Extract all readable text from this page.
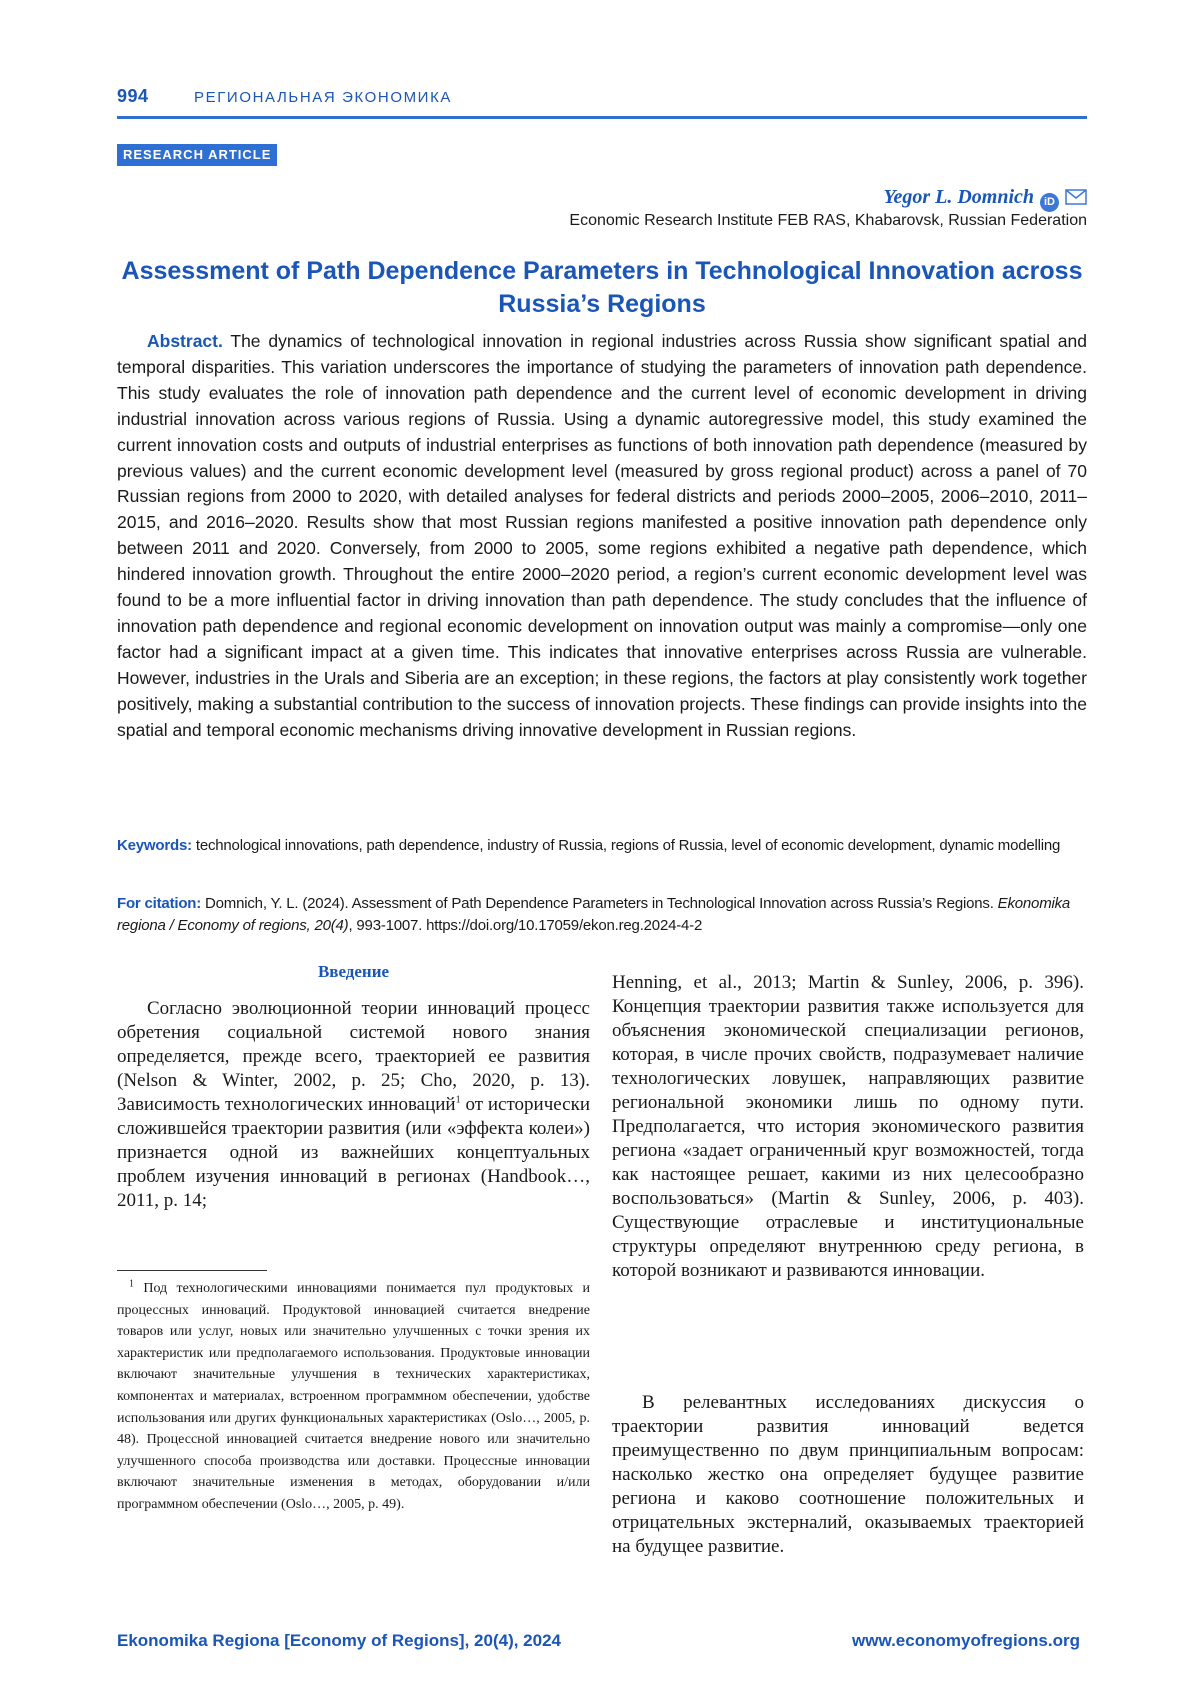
994	РЕГИОНАЛЬНАЯ ЭКОНОМИКА
RESEARCH ARTICLE
Yegor L. Domnich iD
Economic Research Institute FEB RAS, Khabarovsk, Russian Federation
Assessment of Path Dependence Parameters in Technological Innovation across Russia’s Regions

Abstract. The dynamics of technological innovation in regional industries across Russia show significant spatial and temporal disparities. This variation underscores the importance of studying the parameters of innovation path dependence. This study evaluates the role of innovation path dependence and the current level of economic development in driving industrial innovation across various regions of Russia. Using a dynamic autoregressive model, this study examined the current innovation costs and outputs of industrial enterprises as functions of both innovation path dependence (measured by previous values) and the current economic development level (measured by gross regional product) across a panel of 70 Russian regions from 2000 to 2020, with detailed analyses for federal districts and periods 2000–2005, 2006–2010, 2011–2015, and 2016–2020. Results show that most Russian regions manifested a positive innovation path dependence only between 2011 and 2020. Conversely, from 2000 to 2005, some regions exhibited a negative path dependence, which hindered innovation growth. Throughout the entire 2000–2020 period, a region’s current economic development level was found to be a more influential factor in driving innovation than path dependence. The study concludes that the influence of innovation path dependence and regional economic development on innovation output was mainly a compromise—only one factor had a significant impact at a given time. This indicates that innovative enterprises across Russia are vulnerable. However, industries in the Urals and Siberia are an exception; in these regions, the factors at play consistently work together positively, making a substantial contribution to the success of innovation projects. These findings can provide insights into the spatial and temporal economic mechanisms driving innovative development in Russian regions.

Keywords: technological innovations, path dependence, industry of Russia, regions of Russia, level of economic development, dynamic modelling

For citation: Domnich, Y. L. (2024). Assessment of Path Dependence Parameters in Technological Innovation across Russia’s Regions. Ekonomika regiona / Economy of regions, 20(4), 993-1007. https://doi.org/10.17059/ekon.reg.2024-4-2

Введение

Согласно эволюционной теории инноваций процесс обретения социальной системой нового знания определяется, прежде всего, траекторией ее развития (Nelson & Winter, 2002, p. 25; Cho, 2020, p. 13). Зависимость технологических инноваций$^1$ от исторически сложившейся траектории развития (или «эффекта колеи») признается одной из важнейших концептуальных проблем изучения инноваций в регионах (Handbook…, 2011, p. 14;

$^1$ Под технологическими инновациями понимается пул продуктовых и процессных инноваций. Продуктовой инновацией считается внедрение товаров или услуг, новых или значительно улучшенных с точки зрения их характеристик или предполагаемого использования. Продуктовые инновации включают значительные улучшения в технических характеристиках, компонентах и материалах, встроенном программном обеспечении, удобстве использования или других функциональных характеристиках (Oslo…, 2005, p. 48). Процессной инновацией считается внедрение нового или значительно улучшенного способа производства или доставки. Процессные инновации включают значительные изменения в методах, оборудовании и/или программном обеспечении (Oslo…, 2005, p. 49).

Henning, et al., 2013; Martin & Sunley, 2006, p. 396). Концепция траектории развития также используется для объяснения экономической специализации регионов, которая, в числе прочих свойств, подразумевает наличие технологических ловушек, направляющих развитие региональной экономики лишь по одному пути. Предполагается, что история экономического развития региона «задает ограниченный круг возможностей, тогда как настоящее решает, какими из них целесообразно воспользоваться» (Martin & Sunley, 2006, p. 403). Существующие отраслевые и институциональные структуры определяют внутреннюю среду региона, в которой возникают и развиваются инновации.

В релевантных исследованиях дискуссия о траектории развития инноваций ведется преимущественно по двум принципиальным вопросам: насколько жестко она определяет будущее развитие региона и каково соотношение положительных и отрицательных экстерналий, оказываемых траекторией на будущее развитие.

Ekonomika Regiona [Economy of Regions], 20(4), 2024	www.economyofregions.org
